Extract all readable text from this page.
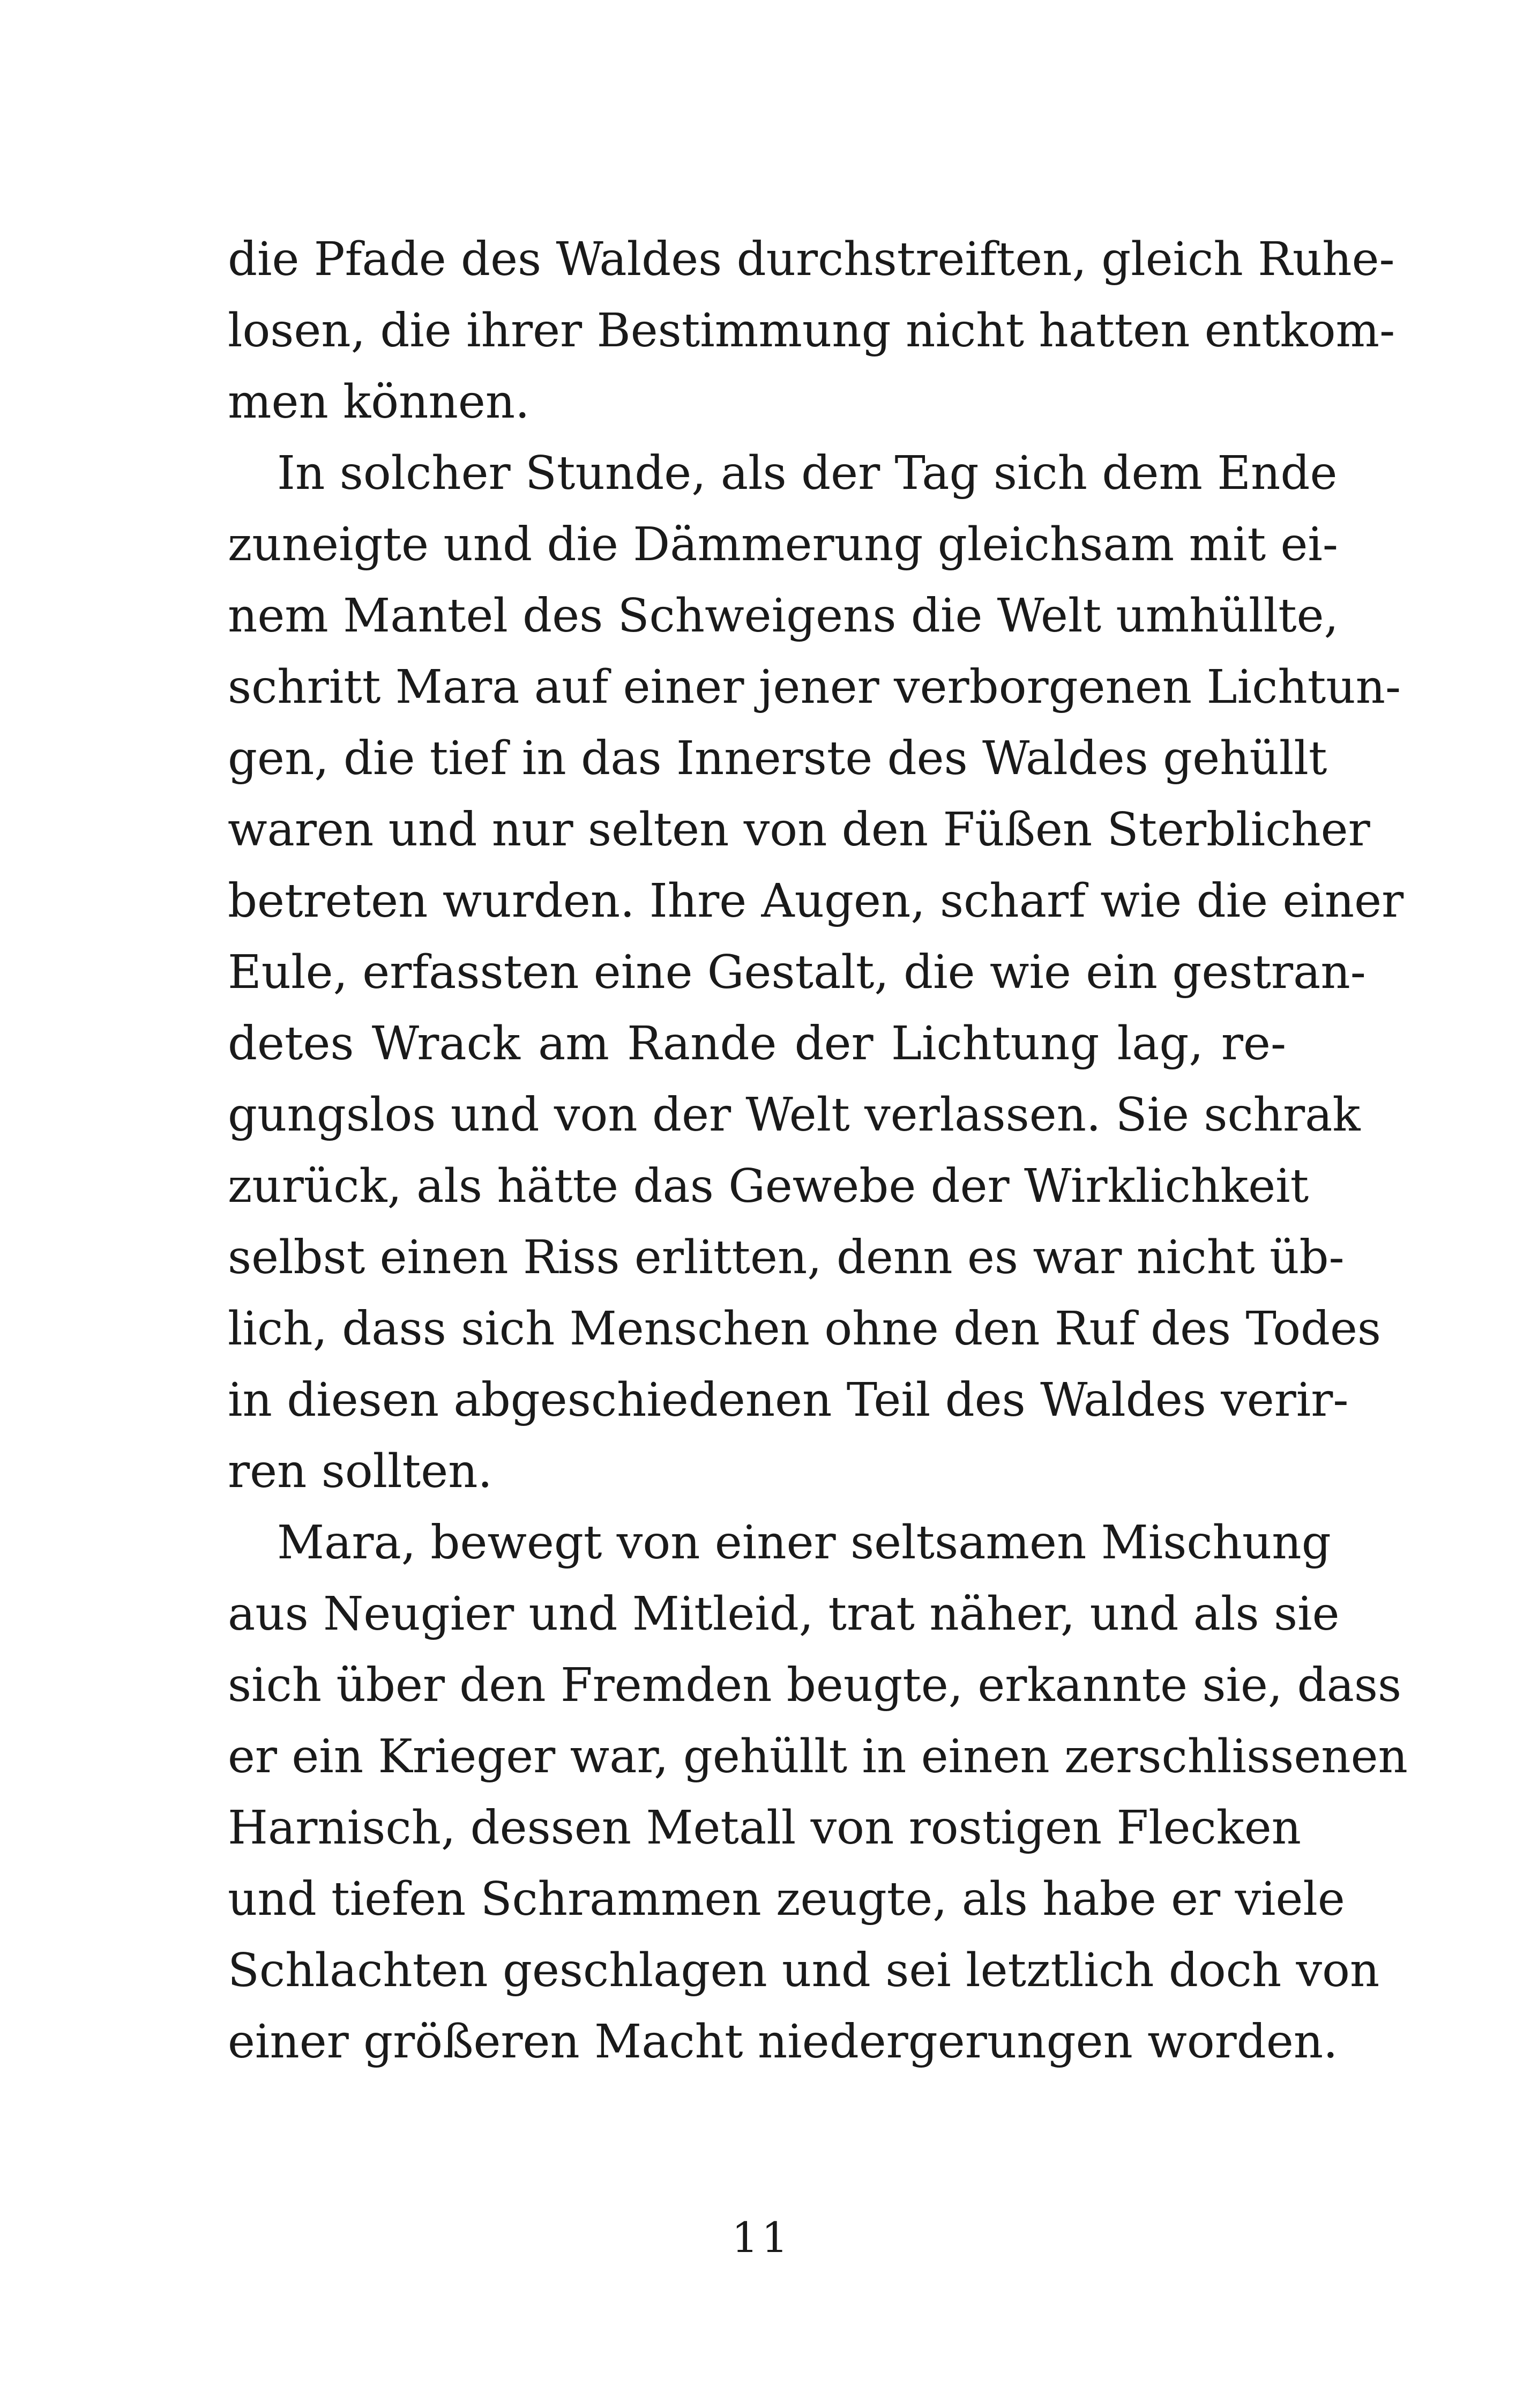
die Pfade des Waldes durchstreiften, gleich Ruhe-
losen, die ihrer Bestimmung nicht hatten entkom-
men können.
In solcher Stunde, als der Tag sich dem Ende
zuneigte und die Dämmerung gleichsam mit ei-
nem Mantel des Schweigens die Welt umhüllte,
schritt Mara auf einer jener verborgenen Lichtun-
gen, die tief in das Innerste des Waldes gehüllt
waren und nur selten von den Füßen Sterblicher
betreten wurden. Ihre Augen, scharf wie die einer
Eule, erfassten eine Gestalt, die wie ein gestran-
detes Wrack am Rande der Lichtung lag, re-
gungslos und von der Welt verlassen. Sie schrak
zurück, als hätte das Gewebe der Wirklichkeit
selbst einen Riss erlitten, denn es war nicht üb-
lich, dass sich Menschen ohne den Ruf des Todes
in diesen abgeschiedenen Teil des Waldes verir-
ren sollten.
Mara, bewegt von einer seltsamen Mischung
aus Neugier und Mitleid, trat näher, und als sie
sich über den Fremden beugte, erkannte sie, dass
er ein Krieger war, gehüllt in einen zerschlissenen
Harnisch, dessen Metall von rostigen Flecken
und tiefen Schrammen zeugte, als habe er viele
Schlachten geschlagen und sei letztlich doch von
einer größeren Macht niedergerungen worden.
11
